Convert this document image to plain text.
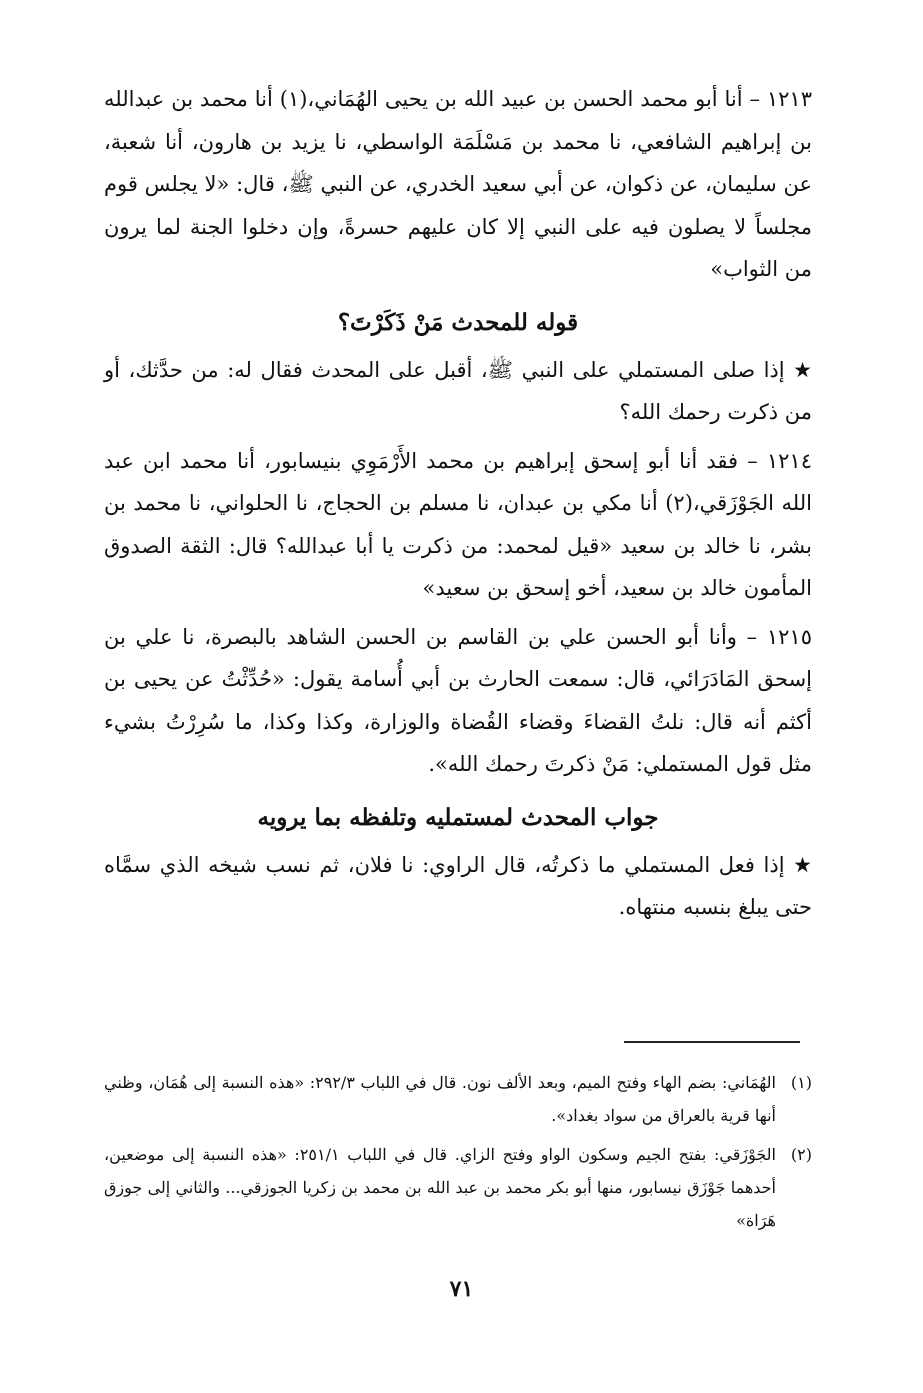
١٢١٣ – أنا أبو محمد الحسن بن عبيد الله بن يحيى الهُمَاني،(١) أنا محمد بن عبدالله بن إبراهيم الشافعي، نا محمد بن مَسْلَمَة الواسطي، نا يزيد بن هارون، أنا شعبة، عن سليمان، عن ذكوان، عن أبي سعيد الخدري، عن النبي ﷺ، قال: «لا يجلس قوم مجلساً لا يصلون فيه على النبي إلا كان عليهم حسرةً، وإن دخلوا الجنة لما يرون من الثواب»

قوله للمحدث مَنْ ذَكَرْتَ؟

★ إذا صلى المستملي على النبي ﷺ، أقبل على المحدث فقال له: من حدَّثك، أو من ذكرت رحمك الله؟

١٢١٤ – فقد أنا أبو إسحق إبراهيم بن محمد الأَرْمَوِي بنيسابور، أنا محمد ابن عبد الله الجَوْزَقي،(٢) أنا مكي بن عبدان، نا مسلم بن الحجاج، نا الحلواني، نا محمد بن بشر، نا خالد بن سعيد «قيل لمحمد: من ذكرت يا أبا عبدالله؟ قال: الثقة الصدوق المأمون خالد بن سعيد، أخو إسحق بن سعيد»

١٢١٥ – وأنا أبو الحسن علي بن القاسم بن الحسن الشاهد بالبصرة، نا علي بن إسحق المَادَرَائي، قال: سمعت الحارث بن أبي أُسامة يقول: «حُدِّثْتُ عن يحيى بن أكثم أنه قال: نلتُ القضاءَ وقضاء القُضاة والوزارة، وكذا وكذا، ما سُرِرْتُ بشيء مثل قول المستملي: مَنْ ذكرتَ رحمك الله».

جواب المحدث لمستمليه وتلفظه بما يرويه

★ إذا فعل المستملي ما ذكرتُه، قال الراوي: نا فلان، ثم نسب شيخه الذي سمَّاه حتى يبلغ بنسبه منتهاه.

(١)
الهُمَاني: بضم الهاء وفتح الميم، وبعد الألف نون. قال في اللباب ٢٩٢/٣: «هذه النسبة إلى هُمَان، وظني أنها قرية بالعراق من سواد بغداد».
(٢)
الجَوْزَقي: بفتح الجيم وسكون الواو وفتح الزاي. قال في اللباب ٢٥١/١: «هذه النسبة إلى موضعين، أحدهما جَوْزَق نيسابور، منها أبو بكر محمد بن عبد الله بن محمد بن زكريا الجوزقي... والثاني إلى جوزق هَرَاة»
٧١
